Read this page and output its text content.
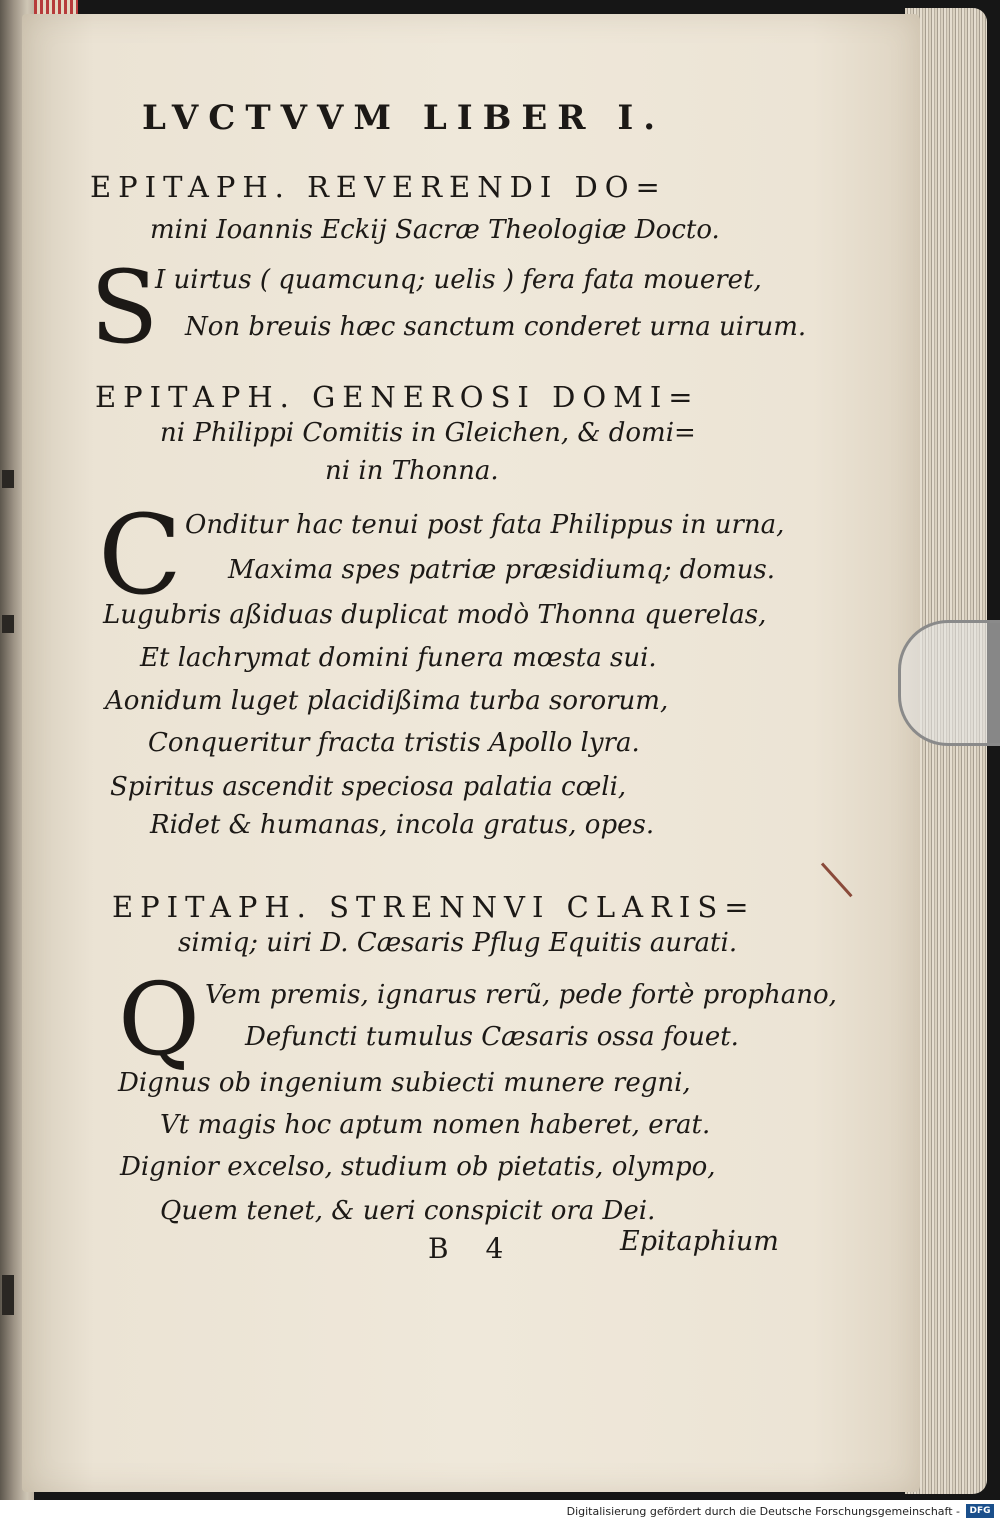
LVCTVVM LIBER I.
EPITAPH. REVERENDI DO=
mini Ioannis Eckij Sacræ Theologiæ Docto.
S
I uirtus ( quamcunq; uelis ) fera fata moueret,
Non breuis hæc sanctum conderet urna uirum.
EPITAPH. GENEROSI DOMI=
ni Philippi Comitis in Gleichen, & domi=
ni in Thonna.
C Onditur hac tenui post fata Philippus in urna,
Maxima spes patriæ præsidiumq; domus.
Lugubris aßiduas duplicat modò Thonna querelas,
Et lachrymat domini funera mœsta sui.
Aonidum luget placidißima turba sororum,
Conqueritur fracta tristis Apollo lyra.
Spiritus ascendit speciosa palatia cœli,
Ridet & humanas, incola gratus, opes.
EPITAPH. STRENNVI CLARIS=
simiq; uiri D. Cæsaris Pflug Equitis aurati.
Q Vem premis, ignarus rerũ, pede fortè prophano,
Defuncti tumulus Cæsaris ossa fouet.
Dignus ob ingenium subiecti munere regni,
Vt magis hoc aptum nomen haberet, erat.
Dignior excelso, studium ob pietatis, olympo,
Quem tenet, & ueri conspicit ora Dei.
B 4	Epitaphium
Digitalisierung gefördert durch die Deutsche Forschungsgemeinschaft -	DFG
